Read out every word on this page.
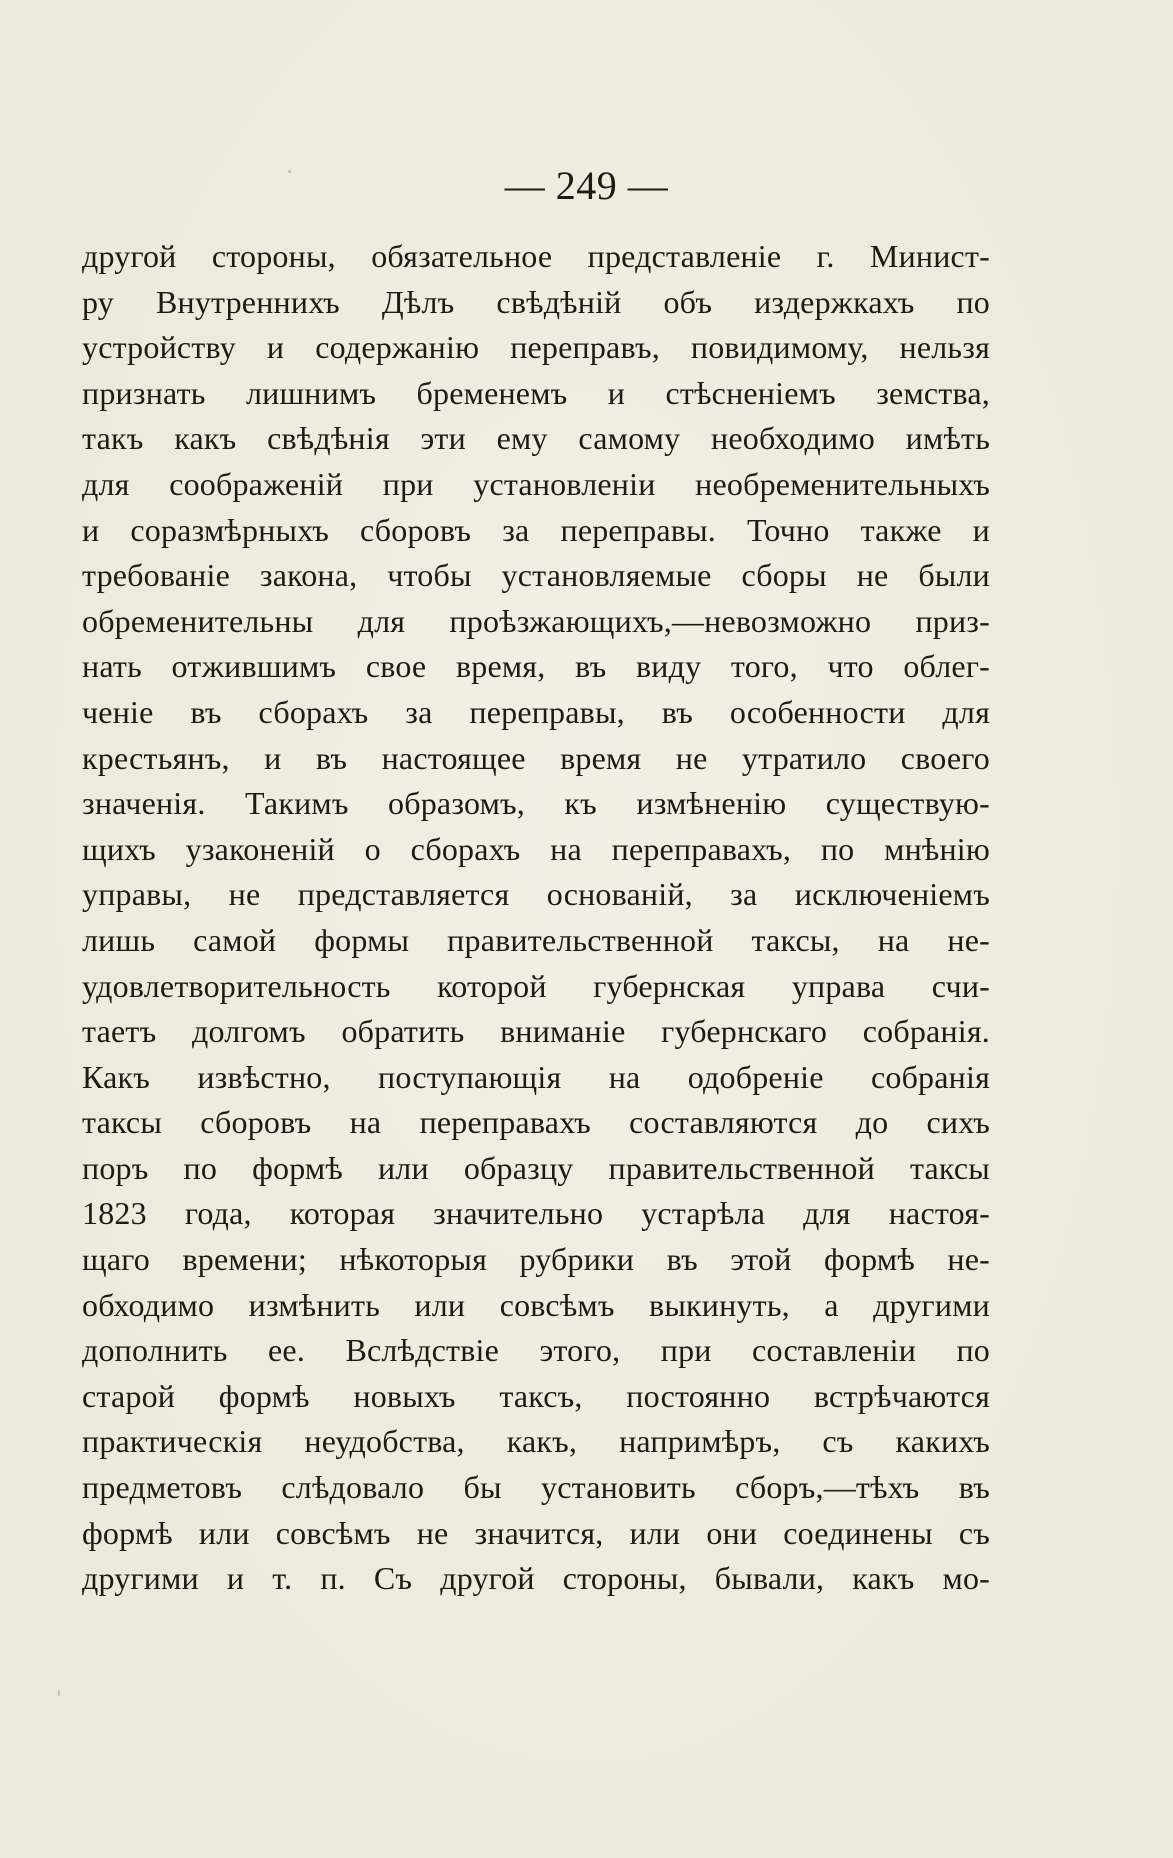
— 249 —
другой стороны, обязательное представленіе г. Минист-
ру Внутреннихъ Дѣлъ свѣдѣній объ издержкахъ по
устройству и содержанію переправъ, повидимому, нельзя
признать лишнимъ бременемъ и стѣсненіемъ земства,
такъ какъ свѣдѣнія эти ему самому необходимо имѣть
для соображеній при установленіи необременительныхъ
и соразмѣрныхъ сборовъ за переправы. Точно также и
требованіе закона, чтобы установляемые сборы не были
обременительны для проѣзжающихъ,—невозможно приз-
нать отжившимъ свое время, въ виду того, что облег-
ченіе въ сборахъ за переправы, въ особенности для
крестьянъ, и въ настоящее время не утратило своего
значенія. Такимъ образомъ, къ измѣненію существую-
щихъ узаконеній о сборахъ на переправахъ, по мнѣнію
управы, не представляется основаній, за исключеніемъ
лишь самой формы правительственной таксы, на не-
удовлетворительность которой губернская управа счи-
таетъ долгомъ обратить вниманіе губернскаго собранія.
Какъ извѣстно, поступающія на одобреніе собранія
таксы сборовъ на переправахъ составляются до сихъ
поръ по формѣ или образцу правительственной таксы
1823 года, которая значительно устарѣла для настоя-
щаго времени; нѣкоторыя рубрики въ этой формѣ не-
обходимо измѣнить или совсѣмъ выкинуть, а другими
дополнить ее. Вслѣдствіе этого, при составленіи по
старой формѣ новыхъ таксъ, постоянно встрѣчаются
практическія неудобства, какъ, напримѣръ, съ какихъ
предметовъ слѣдовало бы установить сборъ,—тѣхъ въ
формѣ или совсѣмъ не значится, или они соединены съ
другими и т. п. Съ другой стороны, бывали, какъ мо-
